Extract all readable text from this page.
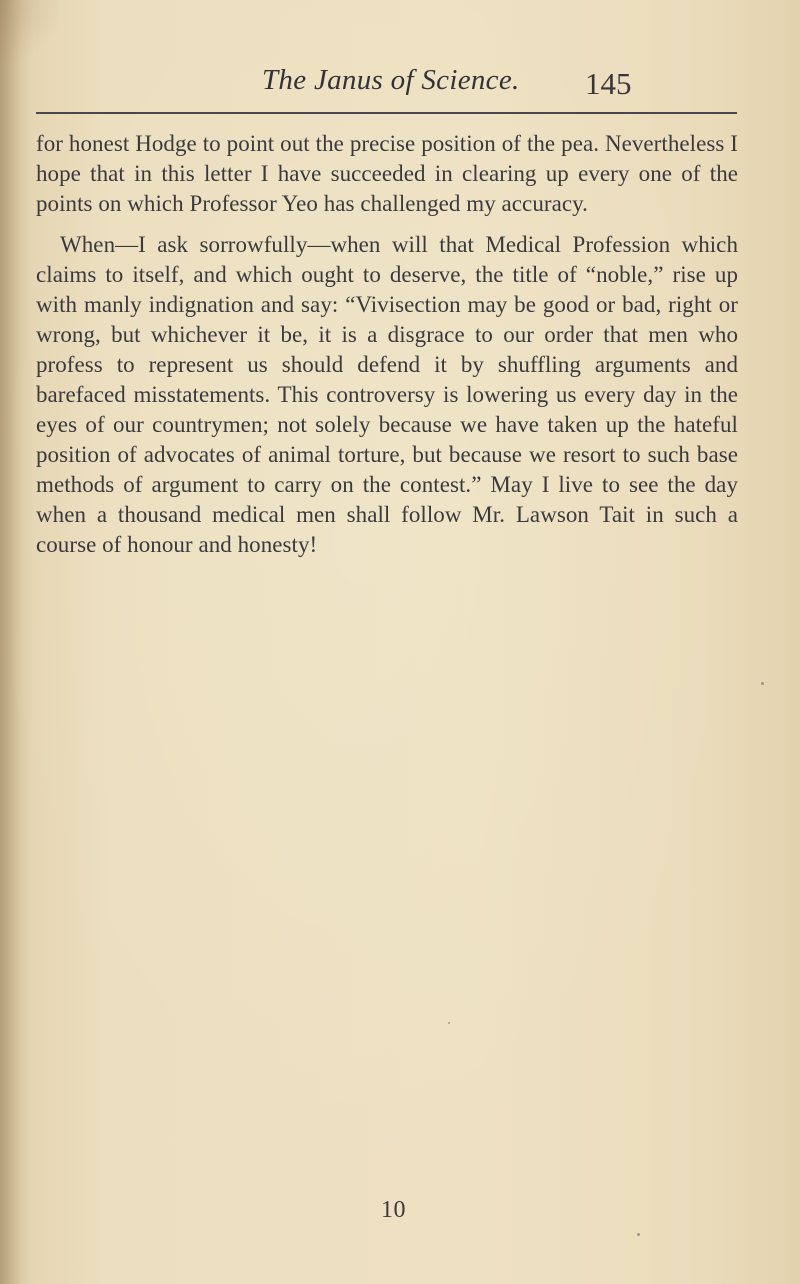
The Janus of Science.	145

for honest Hodge to point out the precise position of the pea. Nevertheless I hope that in this letter I have succeeded in clearing up every one of the points on which Professor Yeo has challenged my accuracy.

When—I ask sorrowfully—when will that Medical Profession which claims to itself, and which ought to deserve, the title of “noble,” rise up with manly indignation and say: “Vivisection may be good or bad, right or wrong, but whichever it be, it is a disgrace to our order that men who profess to represent us should defend it by shuffling arguments and barefaced misstatements. This controversy is lowering us every day in the eyes of our countrymen; not solely because we have taken up the hateful position of advocates of animal torture, but because we resort to such base methods of argument to carry on the contest.” May I live to see the day when a thousand medical men shall follow Mr. Lawson Tait in such a course of honour and honesty!

10
